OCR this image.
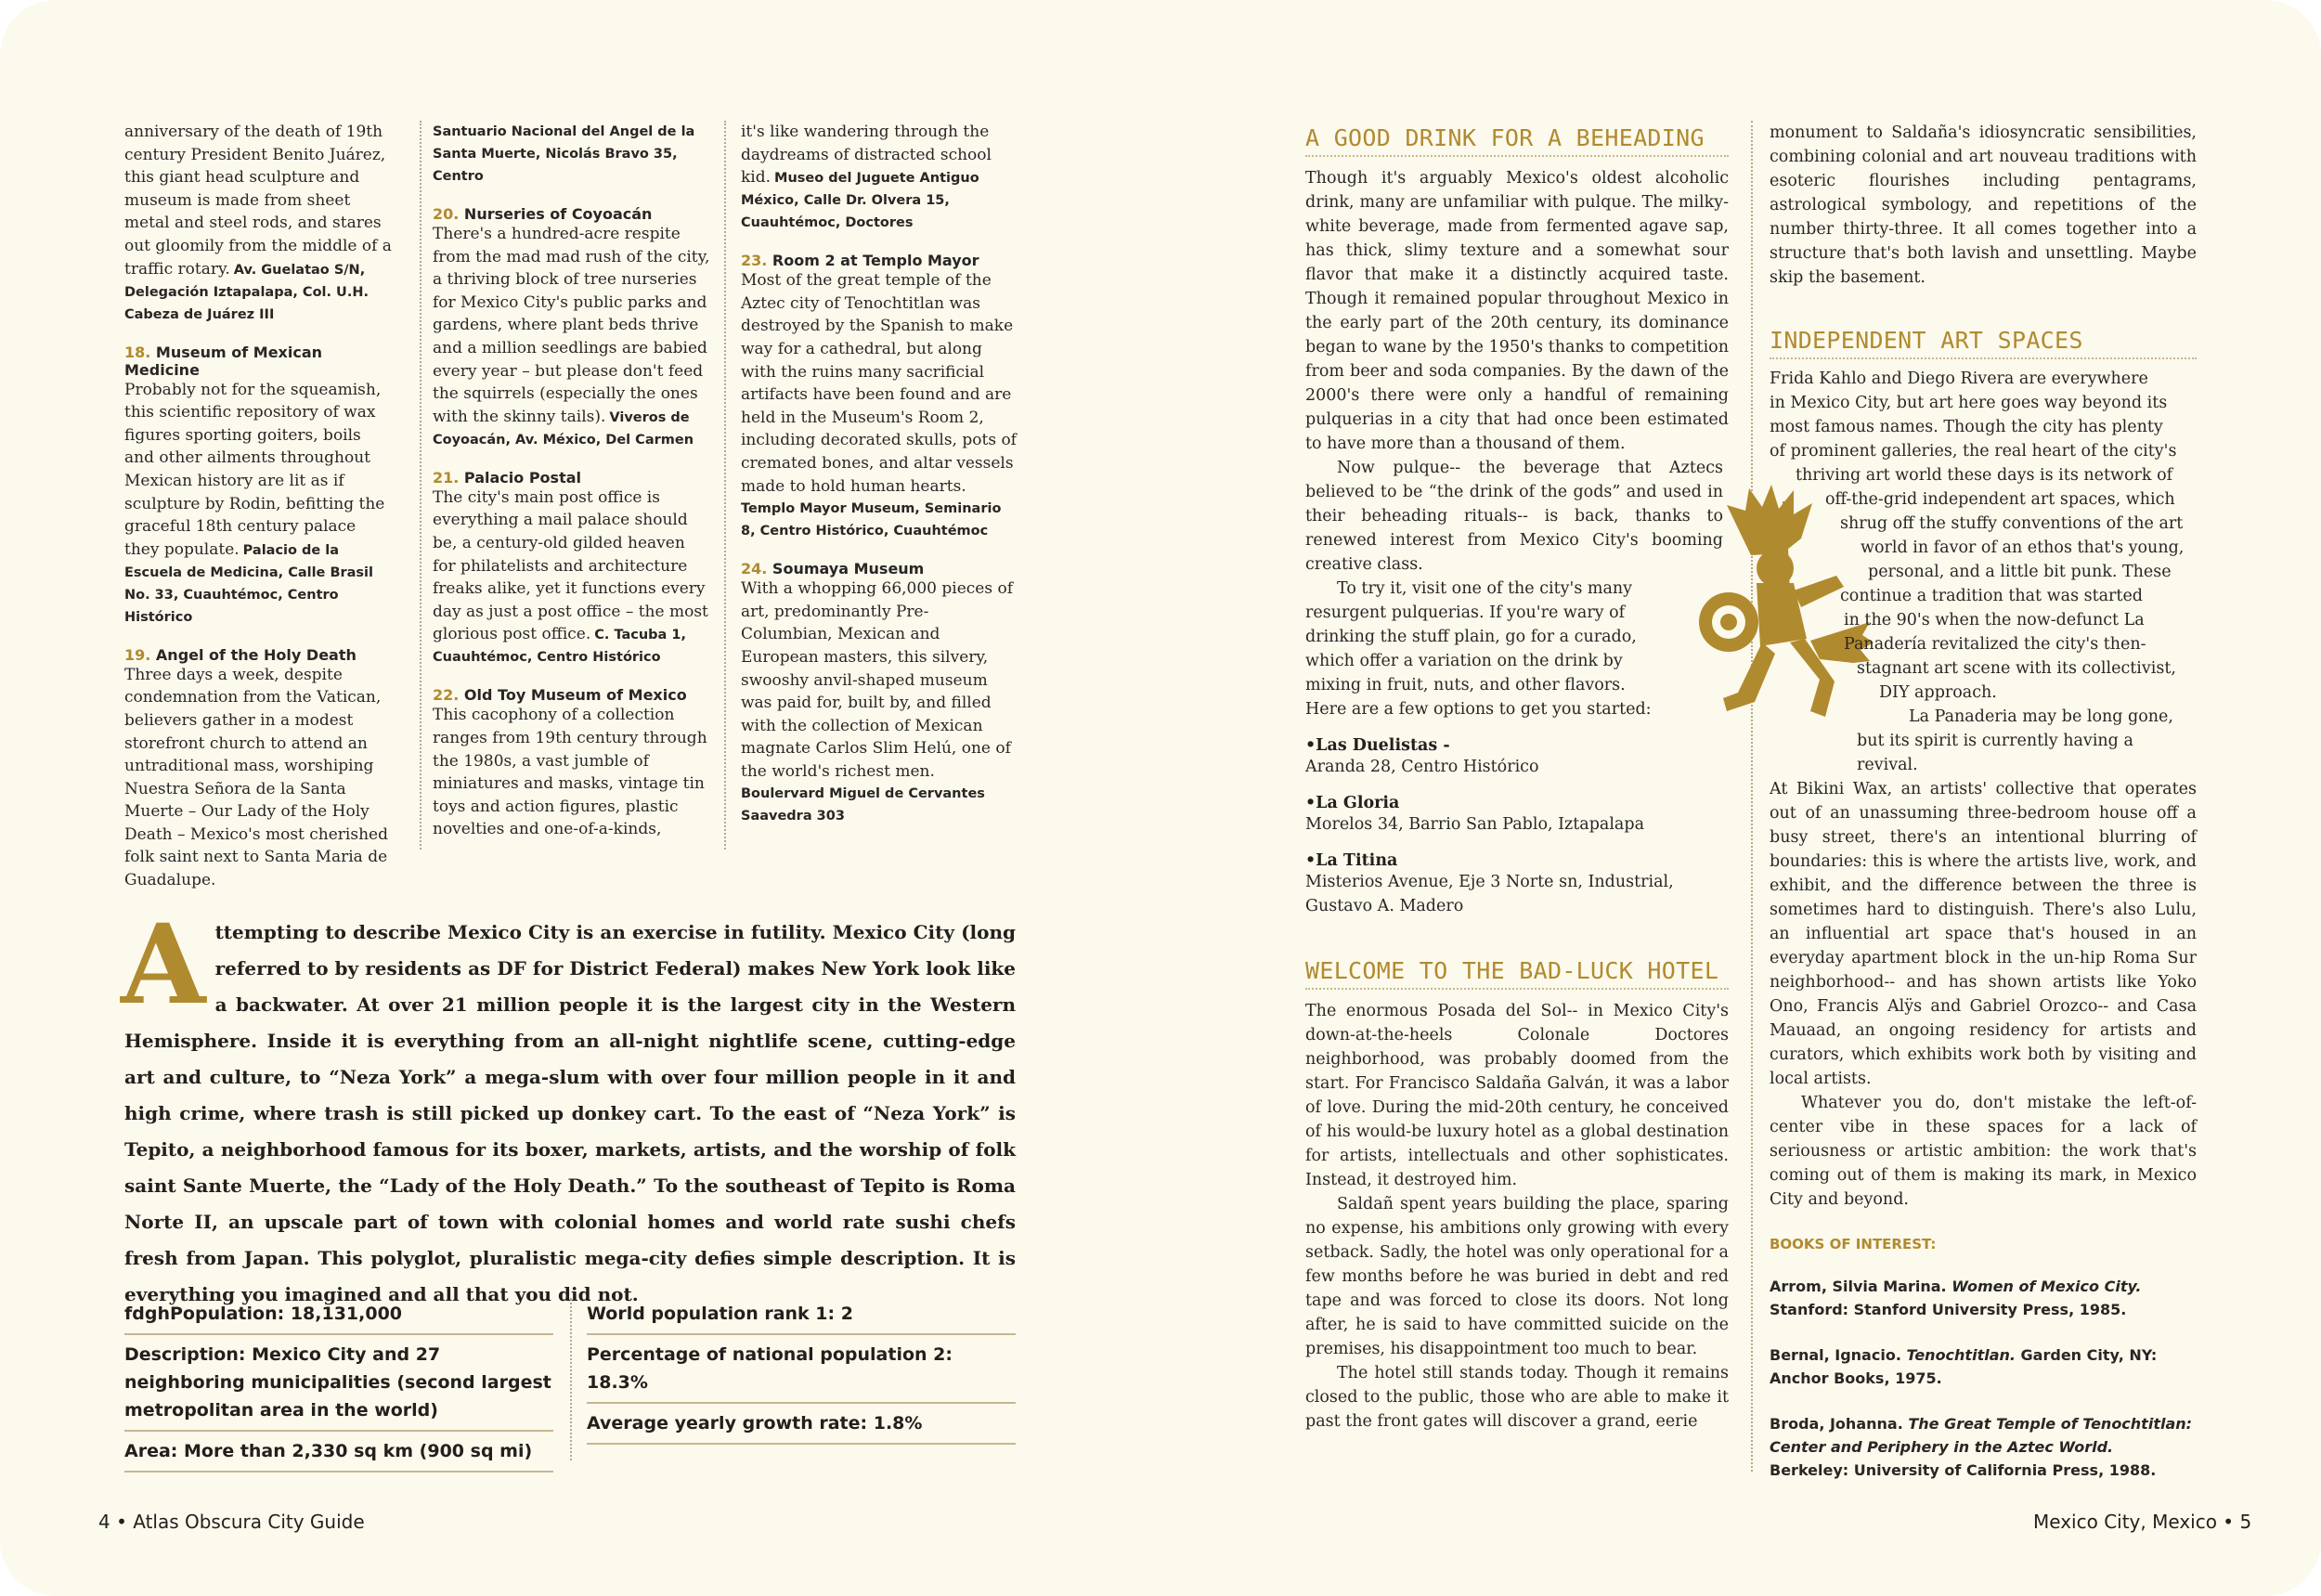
anniversary of the death of 19th century President Benito Juárez, this giant head sculpture and museum is made from sheet metal and steel rods, and stares out gloomily from the middle of a traffic rotary. Av. Guelatao S/N, Delegación Iztapalapa, Col. U.H. Cabeza de Juárez III
18. Museum of Mexican Medicine
Probably not for the squeamish, this scientific repository of wax figures sporting goiters, boils and other ailments throughout Mexican history are lit as if sculpture by Rodin, befitting the graceful 18th century palace they populate. Palacio de la Escuela de Medicina, Calle Brasil No. 33, Cuauhtémoc, Centro Histórico
19. Angel of the Holy Death
Three days a week, despite condemnation from the Vatican, believers gather in a modest storefront church to attend an untraditional mass, worshiping Nuestra Señora de la Santa Muerte – Our Lady of the Holy Death – Mexico's most cherished folk saint next to Santa Maria de Guadalupe.
Santuario Nacional del Angel de la Santa Muerte, Nicolás Bravo 35, Centro
20. Nurseries of Coyoacán
There's a hundred-acre respite from the mad mad rush of the city, a thriving block of tree nurseries for Mexico City's public parks and gardens, where plant beds thrive and a million seedlings are babied every year – but please don't feed the squirrels (especially the ones with the skinny tails). Viveros de Coyoacán, Av. México, Del Carmen
21. Palacio Postal
The city's main post office is everything a mail palace should be, a century-old gilded heaven for philatelists and architecture freaks alike, yet it functions every day as just a post office – the most glorious post office. C. Tacuba 1, Cuauhtémoc, Centro Histórico
22. Old Toy Museum of Mexico
This cacophony of a collection ranges from 19th century through the 1980s, a vast jumble of miniatures and masks, vintage tin toys and action figures, plastic novelties and one-of-a-kinds,
it's like wandering through the daydreams of distracted school kid. Museo del Juguete Antiguo México, Calle Dr. Olvera 15, Cuauhtémoc, Doctores
23. Room 2 at Templo Mayor
Most of the great temple of the Aztec city of Tenochtitlan was destroyed by the Spanish to make way for a cathedral, but along with the ruins many sacrificial artifacts have been found and are held in the Museum's Room 2, including decorated skulls, pots of cremated bones, and altar vessels made to hold human hearts. Templo Mayor Museum, Seminario 8, Centro Histórico, Cuauhtémoc
24. Soumaya Museum
With a whopping 66,000 pieces of art, predominantly Pre-Columbian, Mexican and European masters, this silvery, swooshy anvil-shaped museum was paid for, built by, and filled with the collection of Mexican magnate Carlos Slim Helú, one of the world's richest men. Boulervard Miguel de Cervantes Saavedra 303
Attempting to describe Mexico City is an exercise in futility. Mexico City (long referred to by residents as DF for District Federal) makes New York look like a backwater. At over 21 million people it is the largest city in the Western Hemisphere. Inside it is everything from an all-night nightlife scene, cutting-edge art and culture, to “Neza York” a mega-slum with over four million people in it and high crime, where trash is still picked up donkey cart. To the east of “Neza York” is Tepito, a neighborhood famous for its boxer, markets, artists, and the worship of folk saint Sante Muerte, the “Lady of the Holy Death.” To the southeast of Tepito is Roma Norte II, an upscale part of town with colonial homes and world rate sushi chefs fresh from Japan. This polyglot, pluralistic mega-city defies simple description. It is everything you imagined and all that you did not.
fdghPopulation: 18,131,000
Description: Mexico City and 27 neighboring municipalities (second largest metropolitan area in the world)
Area: More than 2,330 sq km (900 sq mi)
World population rank 1: 2
Percentage of national population 2: 18.3%
Average yearly growth rate: 1.8%
4 • Atlas Obscura City Guide
A GOOD DRINK FOR A BEHEADING
Though it's arguably Mexico's oldest alcoholic drink, many are unfamiliar with pulque. The milky-white beverage, made from fermented agave sap, has thick, slimy texture and a somewhat sour flavor that make it a distinctly acquired taste. Though it remained popular throughout Mexico in the early part of the 20th century, its dominance began to wane by the 1950's thanks to competition from beer and soda companies. By the dawn of the 2000's there were only a handful of remaining pulquerias in a city that had once been estimated to have more than a thousand of them.
Now pulque-- the beverage that Aztecs believed to be “the drink of the gods” and used in their beheading rituals-- is back, thanks to renewed interest from Mexico City's booming creative class.
To try it, visit one of the city's many resurgent pulquerias. If you're wary of drinking the stuff plain, go for a curado, which offer a variation on the drink by mixing in fruit, nuts, and other flavors. Here are a few options to get you started:
•Las Duelistas -
Aranda 28, Centro Histórico
•La Gloria
Morelos 34, Barrio San Pablo, Iztapalapa
•La Titina
Misterios Avenue, Eje 3 Norte sn, Industrial, Gustavo A. Madero
WELCOME TO THE BAD-LUCK HOTEL
The enormous Posada del Sol-- in Mexico City's down-at-the-heels Colonale Doctores neighborhood, was probably doomed from the start. For Francisco Saldaña Galván, it was a labor of love. During the mid-20th century, he conceived of his would-be luxury hotel as a global destination for artists, intellectuals and other sophisticates. Instead, it destroyed him.
Saldañ spent years building the place, sparing no expense, his ambitions only growing with every setback. Sadly, the hotel was only operational for a few months before he was buried in debt and red tape and was forced to close its doors. Not long after, he is said to have committed suicide on the premises, his disappointment too much to bear.
The hotel still stands today. Though it remains closed to the public, those who are able to make it past the front gates will discover a grand, eerie
monument to Saldaña's idiosyncratic sensibilities, combining colonial and art nouveau traditions with esoteric flourishes including pentagrams, astrological symbology, and repetitions of the number thirty-three. It all comes together into a structure that's both lavish and unsettling. Maybe skip the basement.
INDEPENDENT ART SPACES
Frida Kahlo and Diego Rivera are everywhere
in Mexico City, but art here goes way beyond its
most famous names. Though the city has plenty
of prominent galleries, the real heart of the city's
thriving art world these days is its network of
off-the-grid independent art spaces, which
shrug off the stuffy conventions of the art
world in favor of an ethos that's young,
personal, and a little bit punk. These
continue a tradition that was started
in the 90's when the now-defunct La
Panadería revitalized the city's then-
stagnant art scene with its collectivist,
DIY approach.
La Panaderia may be long gone,
but its spirit is currently having a revival.
At Bikini Wax, an artists' collective that operates out of an unassuming three-bedroom house off a busy street, there's an intentional blurring of boundaries: this is where the artists live, work, and exhibit, and the difference between the three is sometimes hard to distinguish. There's also Lulu, an influential art space that's housed in an everyday apartment block in the un-hip Roma Sur neighborhood-- and has shown artists like Yoko Ono, Francis Alÿs and Gabriel Orozco-- and Casa Mauaad, an ongoing residency for artists and curators, which exhibits work both by visiting and local artists.
Whatever you do, don't mistake the left-of-center vibe in these spaces for a lack of seriousness or artistic ambition: the work that's coming out of them is making its mark, in Mexico City and beyond.
BOOKS OF INTEREST:
Arrom, Silvia Marina. Women of Mexico City. Stanford: Stanford University Press, 1985.
Bernal, Ignacio. Tenochtitlan. Garden City, NY: Anchor Books, 1975.
Broda, Johanna. The Great Temple of Tenochtitlan: Center and Periphery in the Aztec World. Berkeley: University of California Press, 1988.
Mexico City, Mexico • 5
